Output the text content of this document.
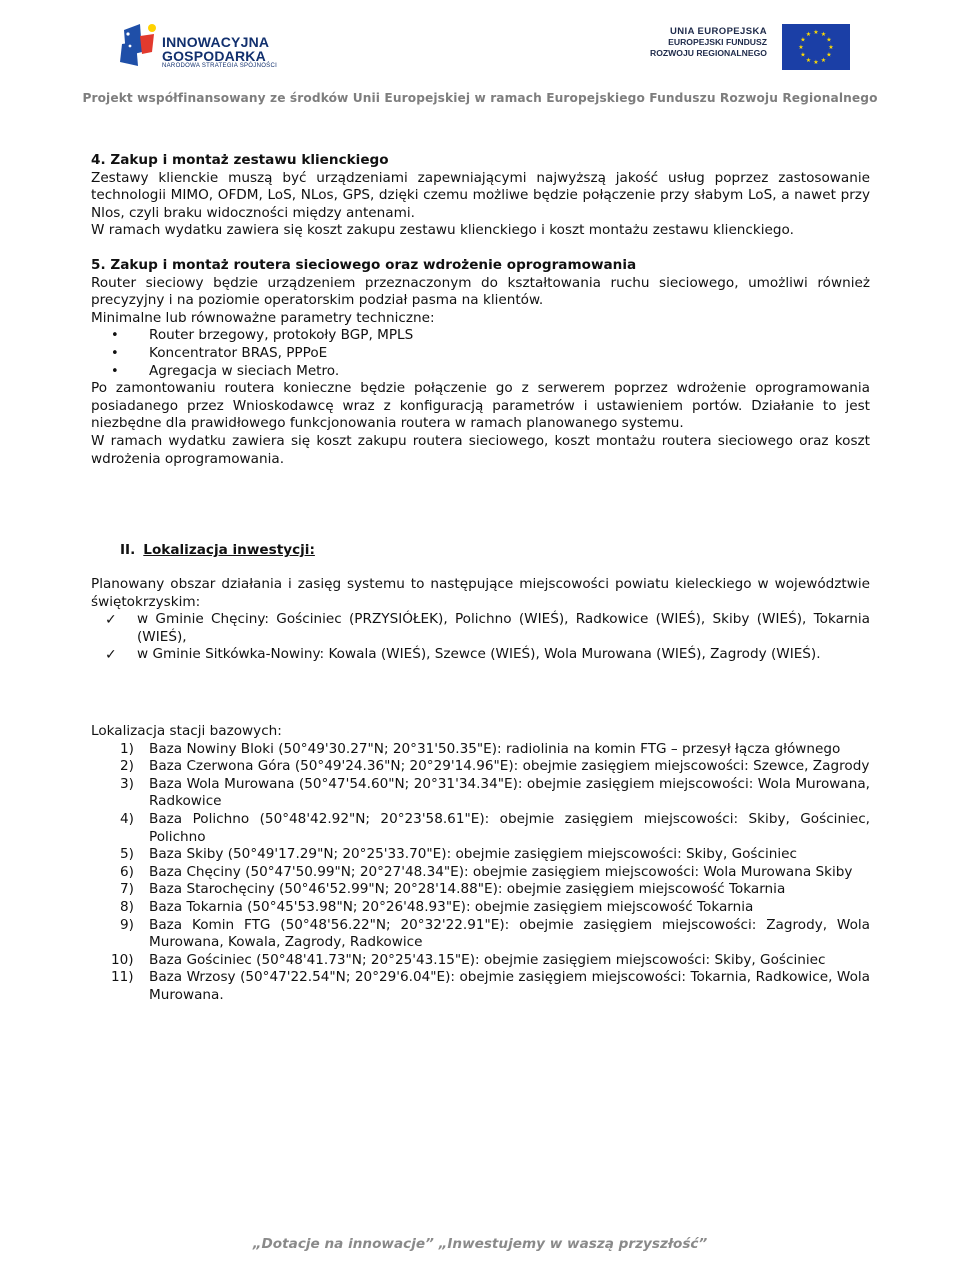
INNOWACYJNA
GOSPODARKA
NARODOWA STRATEGIA SPÓJNOŚCI
UNIA EUROPEJSKA
EUROPEJSKI FUNDUSZ
ROZWOJU REGIONALNEGO
★ ★
★
★
★
★
★
★
★
★
★
★
Projekt współfinansowany ze środków Unii Europejskiej w ramach Europejskiego Funduszu Rozwoju Regionalnego

4. Zakup i montaż zestawu klienckiego

Zestawy klienckie muszą być urządzeniami zapewniającymi najwyższą jakość usług poprzez zastosowanie technologii MIMO, OFDM, LoS, NLos, GPS, dzięki czemu możliwe będzie połączenie przy słabym LoS, a nawet przy Nlos, czyli braku widoczności między antenami.

W ramach wydatku zawiera się koszt zakupu zestawu klienckiego i koszt montażu zestawu klienckiego.

5. Zakup i montaż routera sieciowego oraz wdrożenie oprogramowania

Router sieciowy będzie urządzeniem przeznaczonym do kształtowania ruchu sieciowego, umożliwi również precyzyjny i na poziomie operatorskim podział pasma na klientów.

Minimalne lub równoważne parametry techniczne:

• Router brzegowy, protokoły BGP, MPLS
• Koncentrator BRAS, PPPoE
• Agregacja w sieciach Metro.

Po zamontowaniu routera konieczne będzie połączenie go z serwerem poprzez wdrożenie oprogramowania posiadanego przez Wnioskodawcę wraz z konfiguracją parametrów i ustawieniem portów. Działanie to jest niezbędne dla prawidłowego funkcjonowania routera w ramach planowanego systemu.

W ramach wydatku zawiera się koszt zakupu routera sieciowego, koszt montażu routera sieciowego oraz koszt wdrożenia oprogramowania.

II. Lokalizacja inwestycji:

Planowany obszar działania i zasięg systemu to następujące miejscowości powiatu kieleckiego w województwie świętokrzyskim:

✓ w Gminie Chęciny: Gościniec (PRZYSIÓŁEK), Polichno (WIEŚ), Radkowice (WIEŚ), Skiby (WIEŚ), Tokarnia (WIEŚ),
✓ w Gminie Sitkówka-Nowiny: Kowala (WIEŚ), Szewce (WIEŚ), Wola Murowana (WIEŚ), Zagrody (WIEŚ).

Lokalizacja stacji bazowych:

1) Baza Nowiny Bloki (50°49'30.27"N; 20°31'50.35"E): radiolinia na komin FTG – przesył łącza głównego
2) Baza Czerwona Góra (50°49'24.36"N; 20°29'14.96"E): obejmie zasięgiem miejscowości: Szewce, Zagrody
3) Baza Wola Murowana (50°47'54.60"N; 20°31'34.34"E): obejmie zasięgiem miejscowości: Wola Murowana, Radkowice
4) Baza Polichno (50°48'42.92"N; 20°23'58.61"E): obejmie zasięgiem miejscowości: Skiby, Gościniec, Polichno
5) Baza Skiby (50°49'17.29"N; 20°25'33.70"E): obejmie zasięgiem miejscowości: Skiby, Gościniec
6) Baza Chęciny (50°47'50.99"N; 20°27'48.34"E): obejmie zasięgiem miejscowości: Wola Murowana Skiby
7) Baza Starochęciny (50°46'52.99"N; 20°28'14.88"E): obejmie zasięgiem miejscowość Tokarnia
8) Baza Tokarnia (50°45'53.98"N; 20°26'48.93"E): obejmie zasięgiem miejscowość Tokarnia
9) Baza Komin FTG (50°48'56.22"N; 20°32'22.91"E): obejmie zasięgiem miejscowości: Zagrody, Wola Murowana, Kowala, Zagrody, Radkowice
10) Baza Gościniec (50°48'41.73"N; 20°25'43.15"E): obejmie zasięgiem miejscowości: Skiby, Gościniec
11) Baza Wrzosy (50°47'22.54"N; 20°29'6.04"E): obejmie zasięgiem miejscowości: Tokarnia, Radkowice, Wola Murowana.
„Dotacje na innowacje” „Inwestujemy w waszą przyszłość”
